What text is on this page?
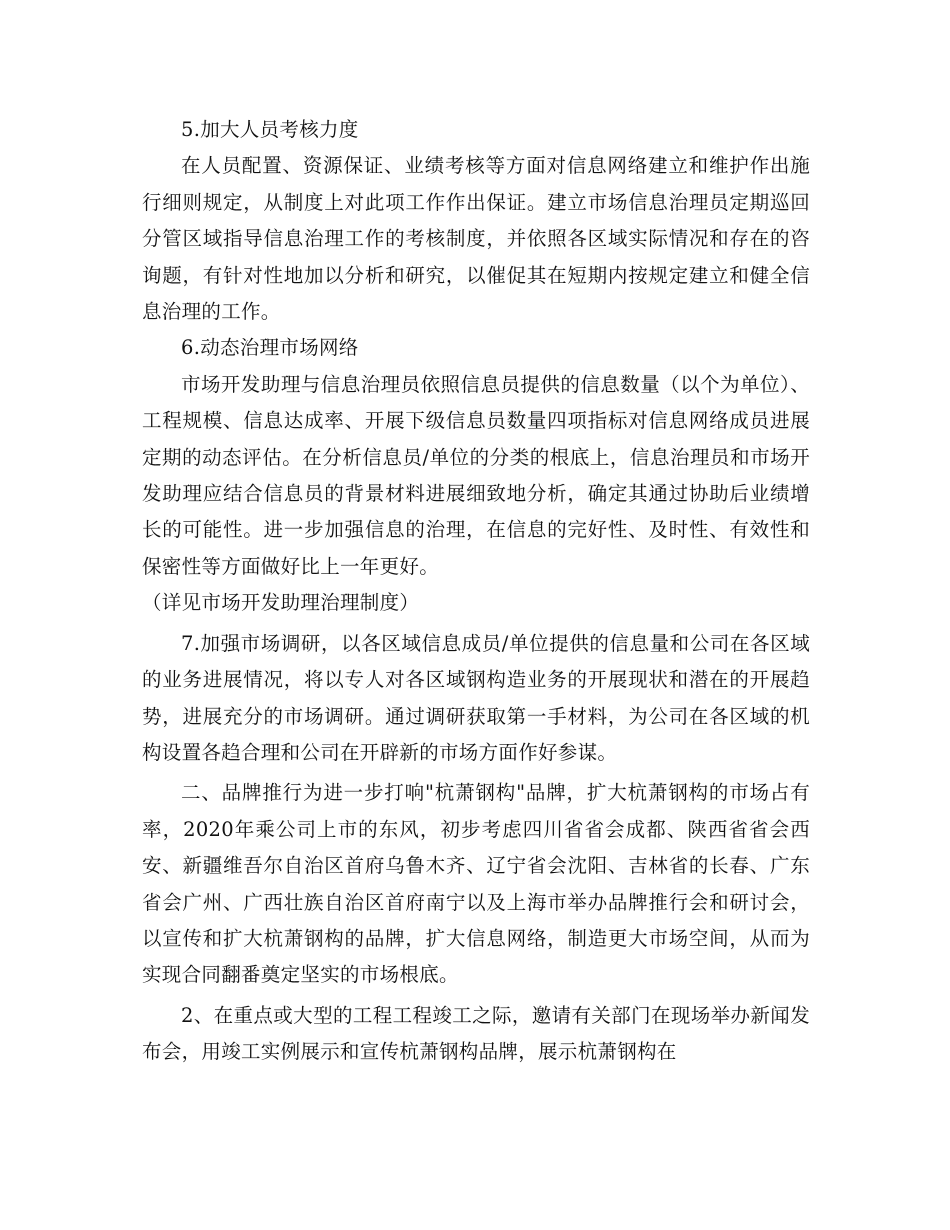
5.加大人员考核力度

在人员配置、资源保证、业绩考核等方面对信息网络建立和维护作出施行细则规定，从制度上对此项工作作出保证。建立市场信息治理员定期巡回分管区域指导信息治理工作的考核制度，并依照各区域实际情况和存在的咨询题，有针对性地加以分析和研究，以催促其在短期内按规定建立和健全信息治理的工作。

6.动态治理市场网络

市场开发助理与信息治理员依照信息员提供的信息数量（以个为单位）、工程规模、信息达成率、开展下级信息员数量四项指标对信息网络成员进展定期的动态评估。在分析信息员/单位的分类的根底上，信息治理员和市场开发助理应结合信息员的背景材料进展细致地分析，确定其通过协助后业绩增长的可能性。进一步加强信息的治理，在信息的完好性、及时性、有效性和保密性等方面做好比上一年更好。

（详见市场开发助理治理制度）

7.加强市场调研，以各区域信息成员/单位提供的信息量和公司在各区域的业务进展情况，将以专人对各区域钢构造业务的开展现状和潜在的开展趋势，进展充分的市场调研。通过调研获取第一手材料，为公司在各区域的机构设置各趋合理和公司在开辟新的市场方面作好参谋。

二、品牌推行为进一步打响"杭萧钢构"品牌，扩大杭萧钢构的市场占有率，2020年乘公司上市的东风，初步考虑四川省省会成都、陕西省省会西安、新疆维吾尔自治区首府乌鲁木齐、辽宁省会沈阳、吉林省的长春、广东省会广州、广西壮族自治区首府南宁以及上海市举办品牌推行会和研讨会，以宣传和扩大杭萧钢构的品牌，扩大信息网络，制造更大市场空间，从而为实现合同翻番奠定坚实的市场根底。

2、在重点或大型的工程工程竣工之际，邀请有关部门在现场举办新闻发布会，用竣工实例展示和宣传杭萧钢构品牌，展示杭萧钢构在
